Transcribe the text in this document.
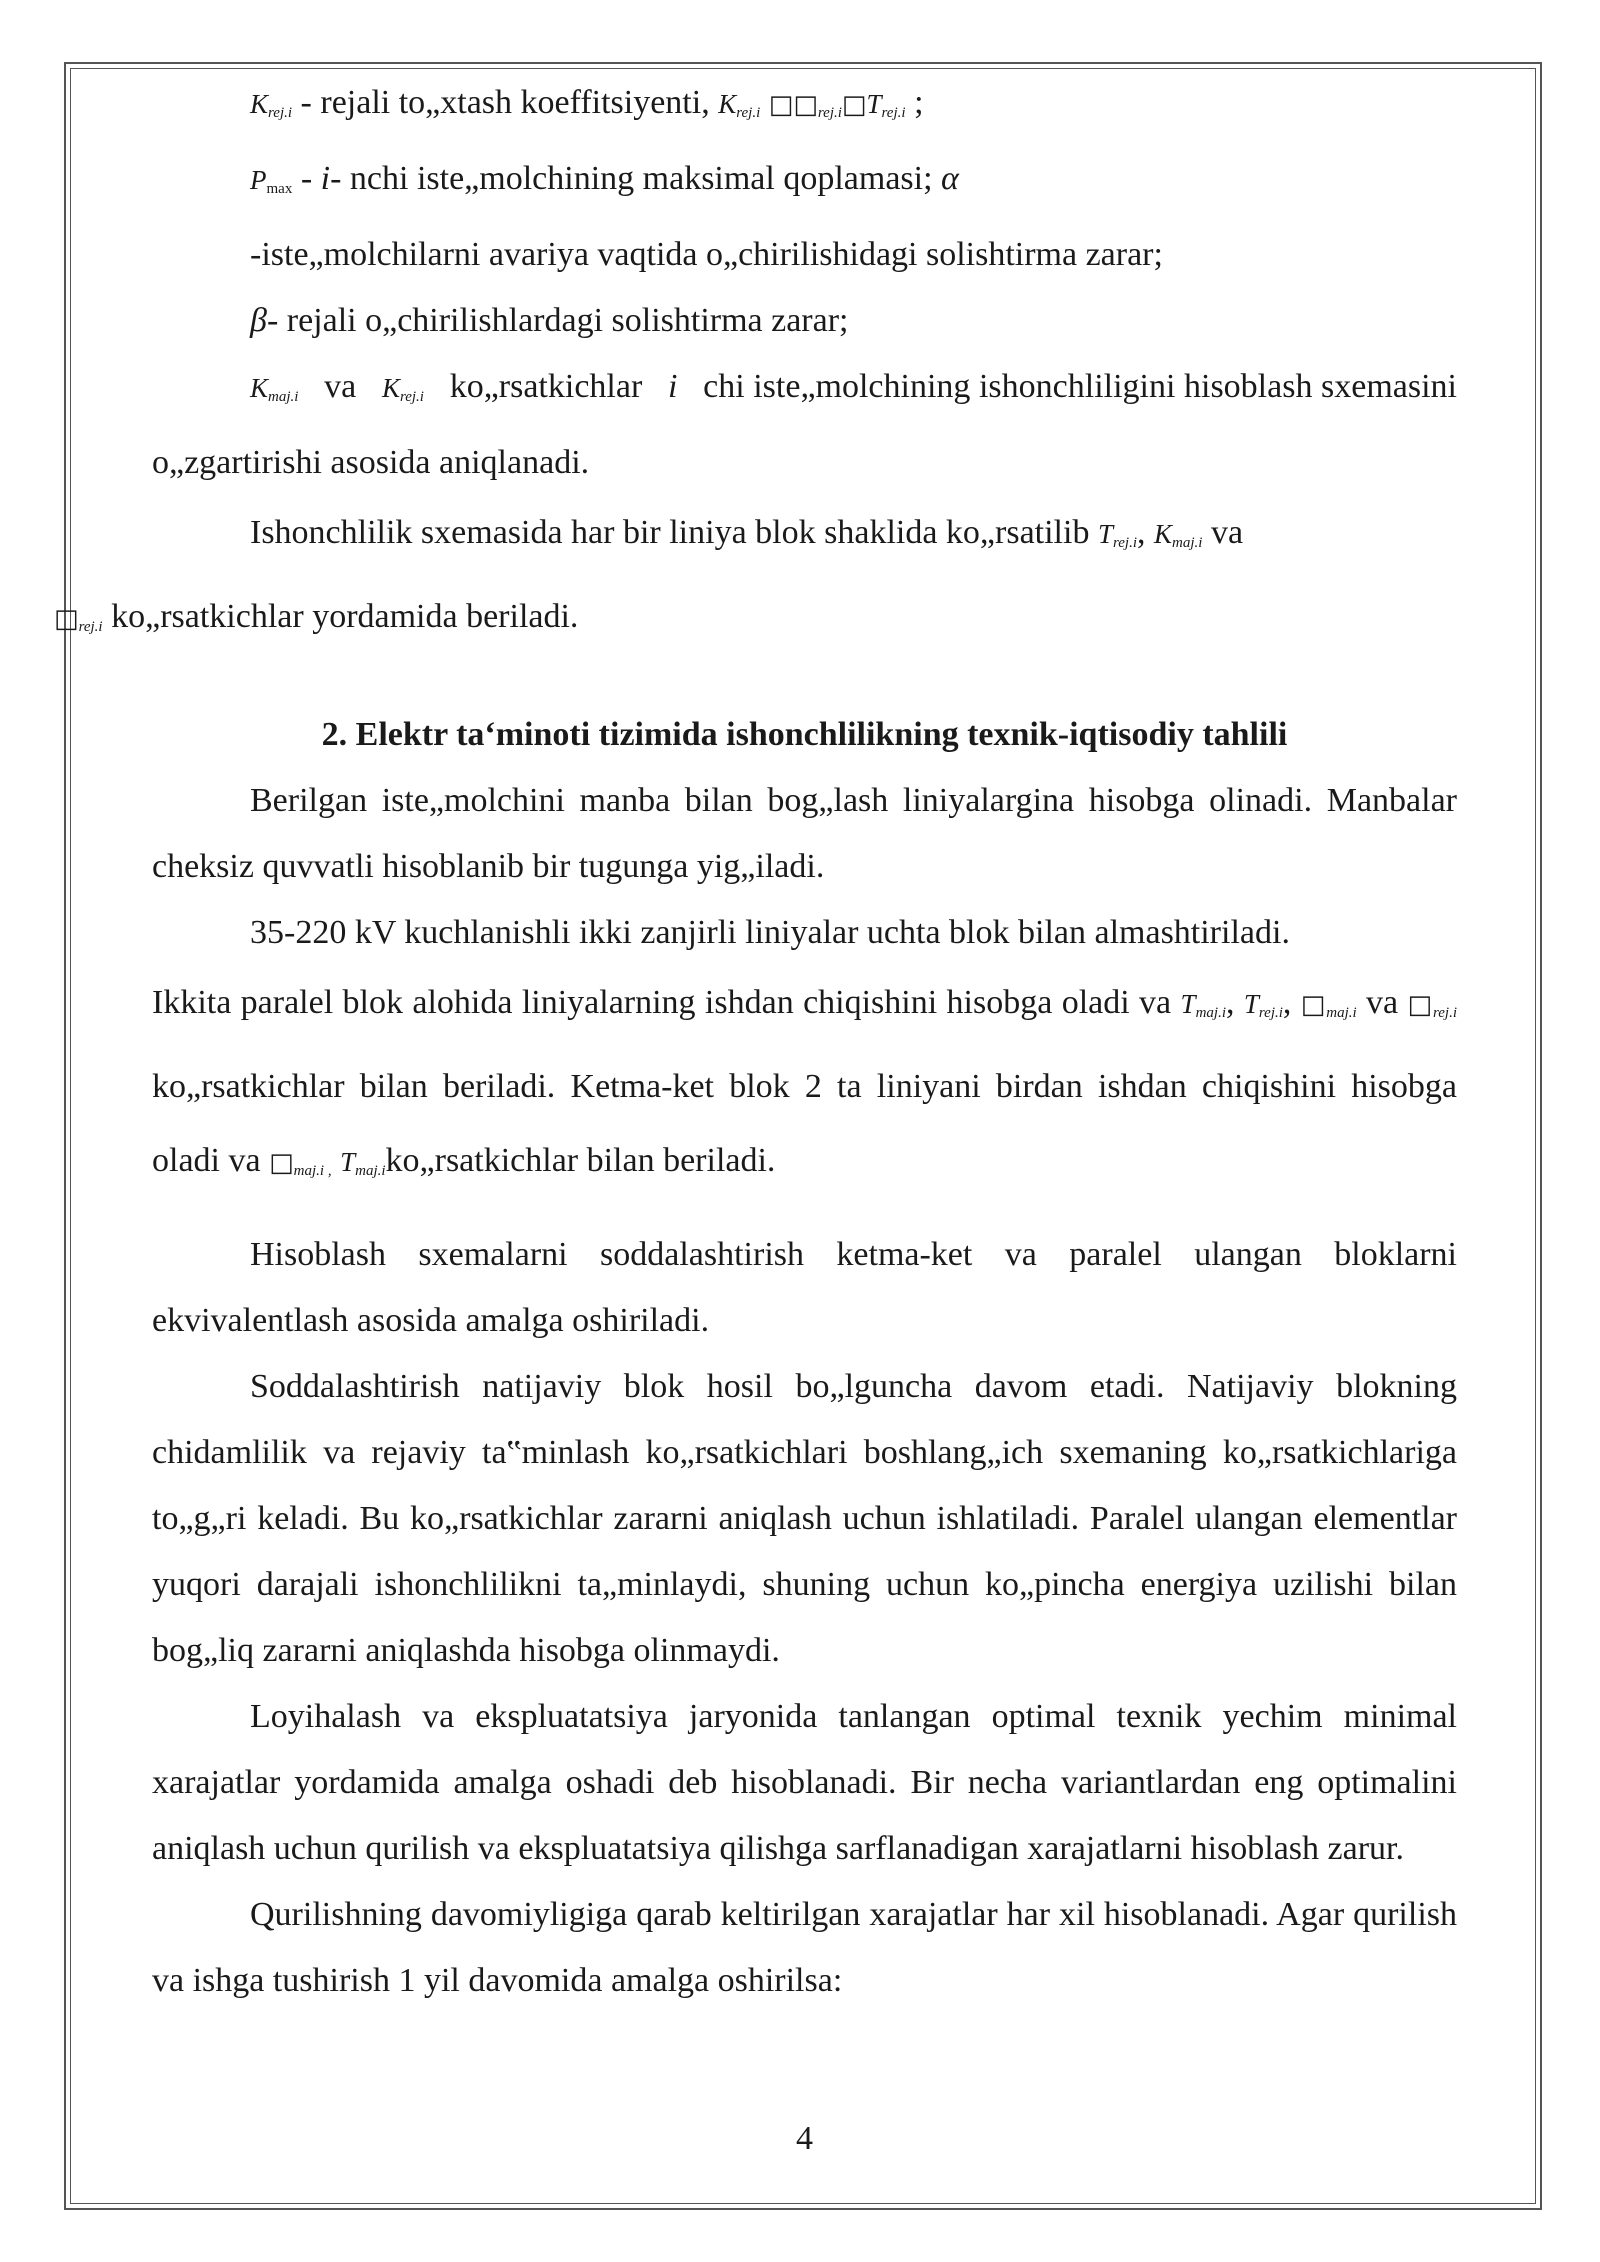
$K_{rej.i}$ - rejali to„xtash koeffitsiyenti, $K_{rej.i}$ $□□_{rej.i}□T_{rej.i}$ ;

$P_{max} - i-$ nchi iste„molchining maksimal qoplamasi; α

-iste„molchilarni avariya vaqtida o„chirilishidagi solishtirma zarar;

β- rejali o„chirilishlardagi solishtirma zarar;

$K_{maj.i}$ va $K_{rej.i}$ ko„rsatkichlar i chi iste„molchining ishonchliligini hisoblash sxemasini o„zgartirishi asosida aniqlanadi.

Ishonchlilik sxemasida har bir liniya blok shaklida ko„rsatilib $T_{rej.i}$, $K_{maj.i}$ va
$□_{rej.i}$ ko„rsatkichlar yordamida beriladi.

2. Elektr ta‘minoti tizimida ishonchlilikning texnik-iqtisodiy tahlili

Berilgan iste„molchini manba bilan bog„lash liniyalargina hisobga olinadi. Manbalar cheksiz quvvatli hisoblanib bir tugunga yig„iladi.

35-220 kV kuchlanishli ikki zanjirli liniyalar uchta blok bilan almashtiriladi.

Ikkita paralel blok alohida liniyalarning ishdan chiqishini hisobga oladi va $T_{maj.i}$, $T_{rej.i}$, $□_{maj.i}$ va $□_{rej.i}$ ko„rsatkichlar bilan beriladi. Ketma-ket blok 2 ta liniyani birdan ishdan chiqishini hisobga oladi va $□_{maj.i ,}$ $T_{maj.i}ko„rsatkichlar$ bilan beriladi.

Hisoblash sxemalarni soddalashtirish ketma-ket va paralel ulangan bloklarni ekvivalentlash asosida amalga oshiriladi.

Soddalashtirish natijaviy blok hosil bo„lguncha davom etadi. Natijaviy blokning chidamlilik va rejaviy ta‟minlash ko„rsatkichlari boshlang„ich sxemaning ko„rsatkichlariga to„g„ri keladi. Bu ko„rsatkichlar zararni aniqlash uchun ishlatiladi. Paralel ulangan elementlar yuqori darajali ishonchlilikni ta„minlaydi, shuning uchun ko„pincha energiya uzilishi bilan bog„liq zararni aniqlashda hisobga olinmaydi.

Loyihalash va ekspluatatsiya jaryonida tanlangan optimal texnik yechim minimal xarajatlar yordamida amalga oshadi deb hisoblanadi. Bir necha variantlardan eng optimalini aniqlash uchun qurilish va ekspluatatsiya qilishga sarflanadigan xarajatlarni hisoblash zarur.

Qurilishning davomiyligiga qarab keltirilgan xarajatlar har xil hisoblanadi. Agar qurilish va ishga tushirish 1 yil davomida amalga oshirilsa:

4
